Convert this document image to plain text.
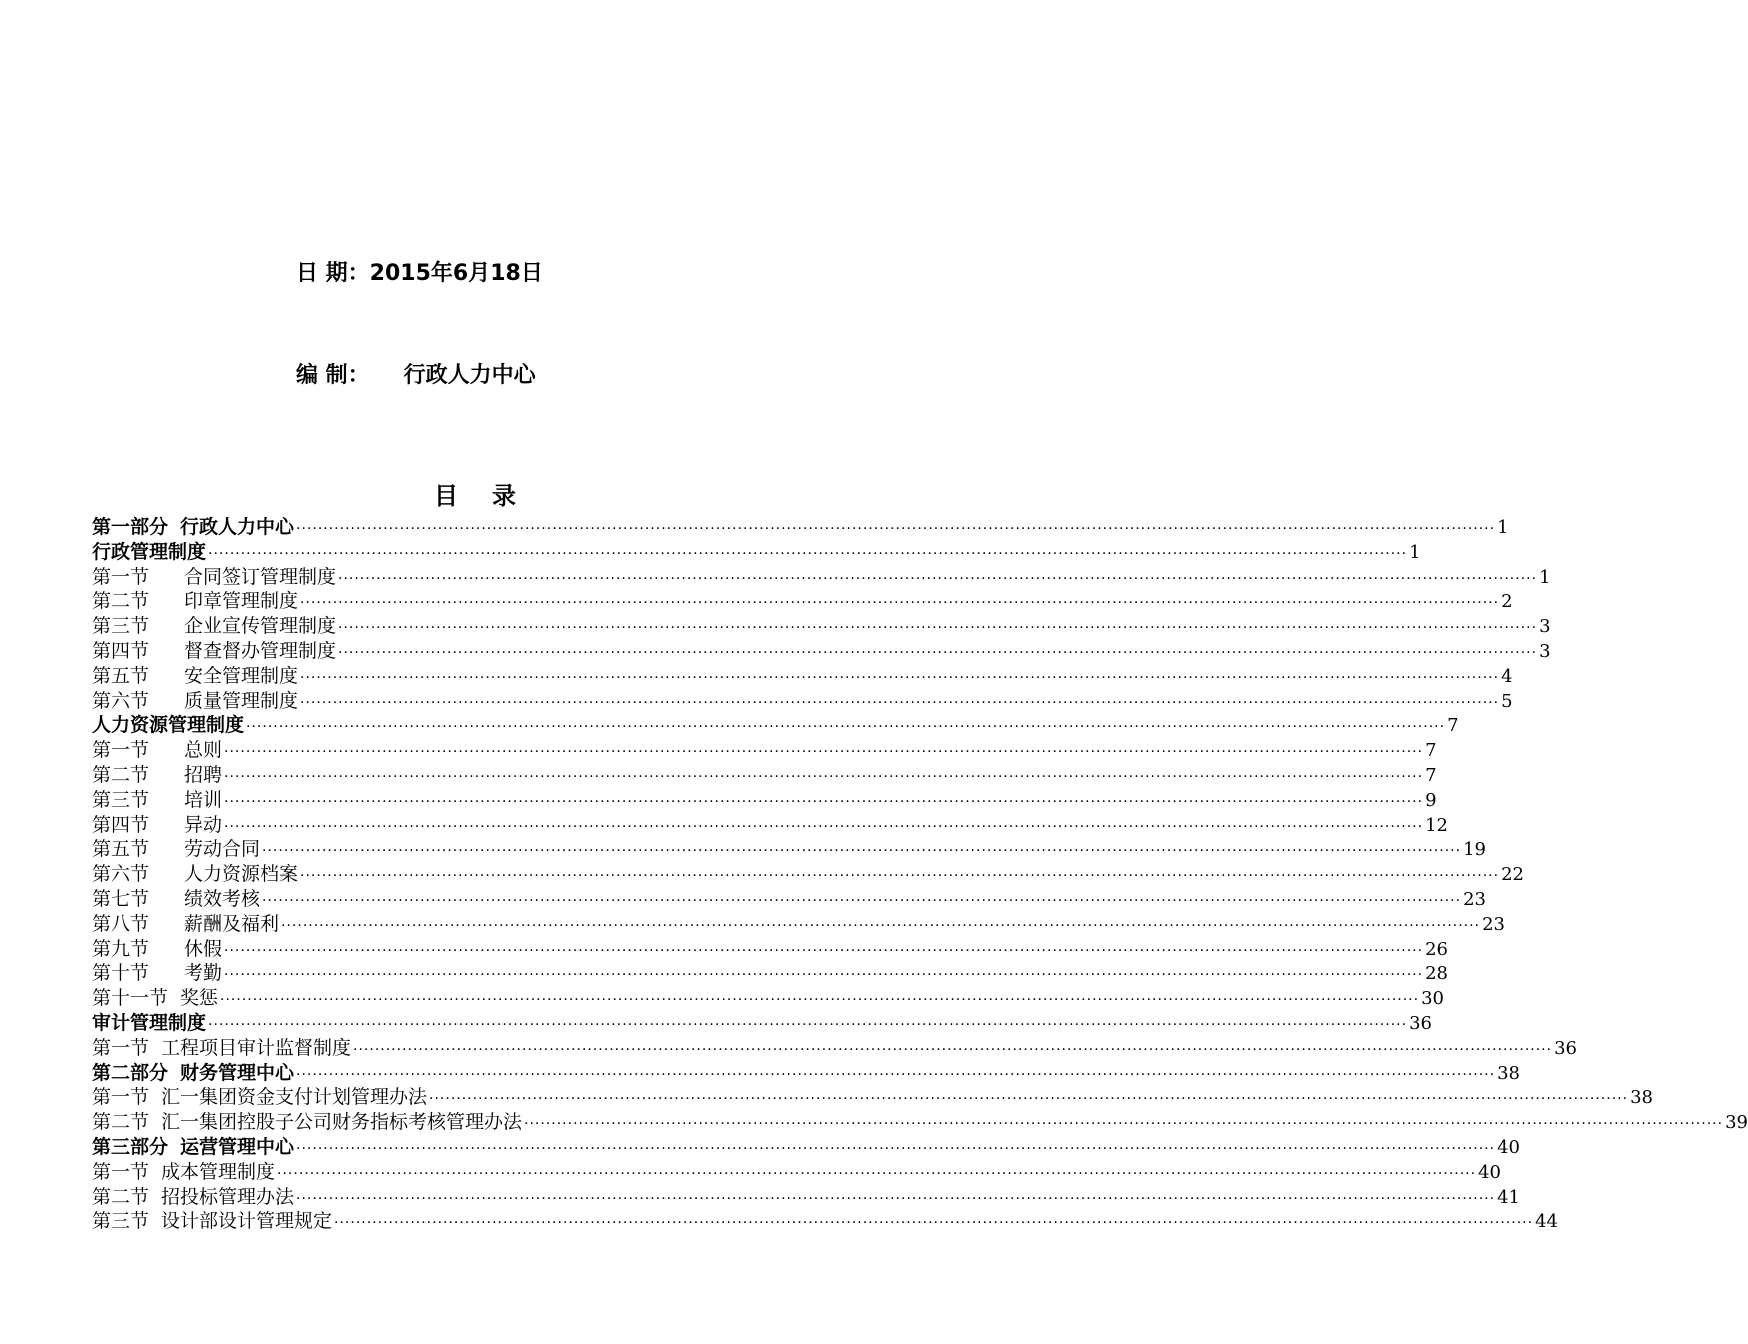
日 期：2015年6月18日
编 制： 行政人力中心
目录
第一部分 行政人力中心 ···························································································································································································································· 1
行政管理制度 ···························································································································································································································· 1
第一节 合同签订管理制度 ···························································································································································································································· 1
第二节 印章管理制度 ···························································································································································································································· 2
第三节 企业宣传管理制度 ···························································································································································································································· 3
第四节 督查督办管理制度 ···························································································································································································································· 3
第五节 安全管理制度 ···························································································································································································································· 4
第六节 质量管理制度 ···························································································································································································································· 5
人力资源管理制度 ···························································································································································································································· 7
第一节 总则 ···························································································································································································································· 7
第二节 招聘 ···························································································································································································································· 7
第三节 培训 ···························································································································································································································· 9
第四节 异动 ···························································································································································································································· 12
第五节 劳动合同 ···························································································································································································································· 19
第六节 人力资源档案 ···························································································································································································································· 22
第七节 绩效考核 ···························································································································································································································· 23
第八节 薪酬及福利 ···························································································································································································································· 23
第九节 休假 ···························································································································································································································· 26
第十节 考勤 ···························································································································································································································· 28
第十一节 奖惩 ···························································································································································································································· 30
审计管理制度 ···························································································································································································································· 36
第一节 工程项目审计监督制度 ···························································································································································································································· 36
第二部分 财务管理中心 ···························································································································································································································· 38
第一节 汇一集团资金支付计划管理办法 ···························································································································································································································· 38
第二节 汇一集团控股子公司财务指标考核管理办法 ···························································································································································································································· 39
第三部分 运营管理中心 ···························································································································································································································· 40
第一节 成本管理制度 ···························································································································································································································· 40
第二节 招投标管理办法 ···························································································································································································································· 41
第三节 设计部设计管理规定 ···························································································································································································································· 44
